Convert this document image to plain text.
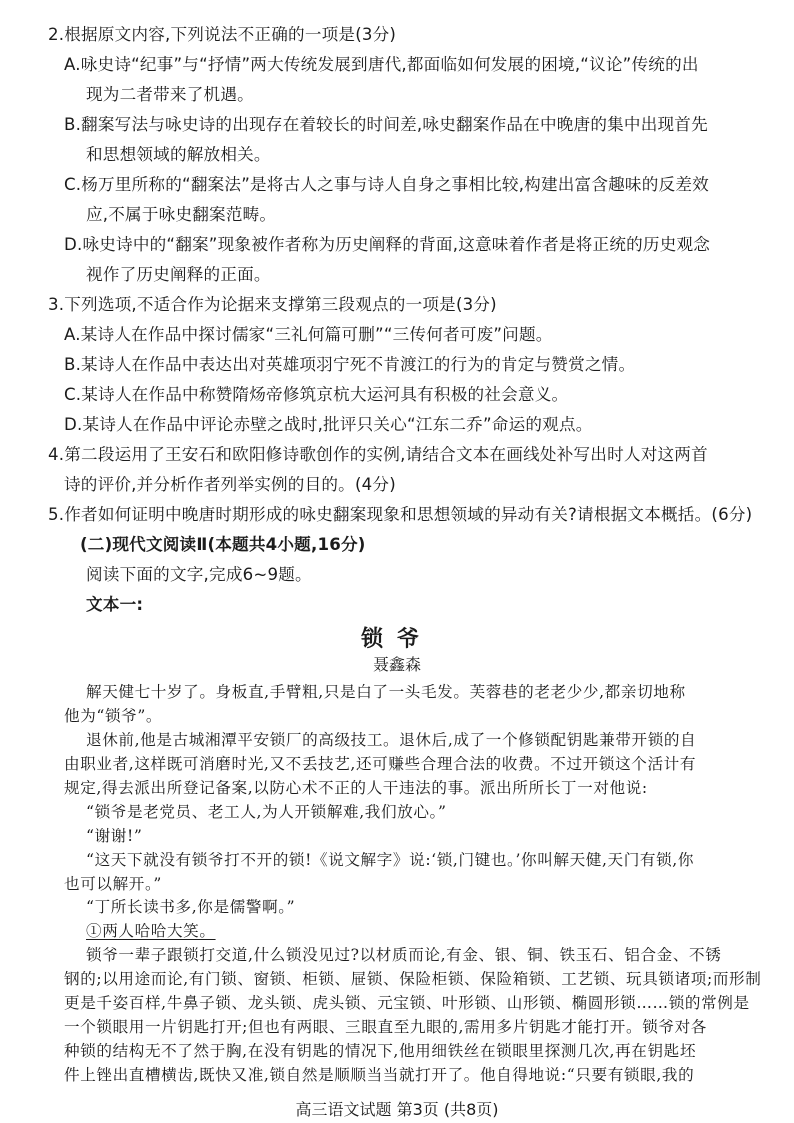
2.根据原文内容,下列说法不正确的一项是(3分)
A.咏史诗“纪事”与“抒情”两大传统发展到唐代,都面临如何发展的困境,“议论”传统的出
现为二者带来了机遇。
B.翻案写法与咏史诗的出现存在着较长的时间差,咏史翻案作品在中晚唐的集中出现首先
和思想领域的解放相关。
C.杨万里所称的“翻案法”是将古人之事与诗人自身之事相比较,构建出富含趣味的反差效
应,不属于咏史翻案范畴。
D.咏史诗中的“翻案”现象被作者称为历史阐释的背面,这意味着作者是将正统的历史观念
视作了历史阐释的正面。
3.下列选项,不适合作为论据来支撑第三段观点的一项是(3分)
A.某诗人在作品中探讨儒家“三礼何篇可删”“三传何者可废”问题。
B.某诗人在作品中表达出对英雄项羽宁死不肯渡江的行为的肯定与赞赏之情。
C.某诗人在作品中称赞隋炀帝修筑京杭大运河具有积极的社会意义。
D.某诗人在作品中评论赤壁之战时,批评只关心“江东二乔”命运的观点。
4.第二段运用了王安石和欧阳修诗歌创作的实例,请结合文本在画线处补写出时人对这两首
诗的评价,并分析作者列举实例的目的。(4分)
5.作者如何证明中晚唐时期形成的咏史翻案现象和思想领域的异动有关?请根据文本概括。(6分)
(二)现代文阅读Ⅱ(本题共4小题,16分)
阅读下面的文字,完成6~9题。
文本一:
锁爷
聂鑫森
高三语文试题 第3页 (共8页)
解天健七十岁了。身板直,手臂粗,只是白了一头毛发。芙蓉巷的老老少少,都亲切地称
他为“锁爷”。
退休前,他是古城湘潭平安锁厂的高级技工。退休后,成了一个修锁配钥匙兼带开锁的自
由职业者,这样既可消磨时光,又不丢技艺,还可赚些合理合法的收费。不过开锁这个活计有
规定,得去派出所登记备案,以防心术不正的人干违法的事。派出所所长丁一对他说:
“锁爷是老党员、老工人,为人开锁解难,我们放心。”
“谢谢!”
“这天下就没有锁爷打不开的锁!《说文解字》说:‘锁,门键也。’你叫解天健,天门有锁,你
也可以解开。”
“丁所长读书多,你是儒警啊。”
①两人哈哈大笑。
锁爷一辈子跟锁打交道,什么锁没见过?以材质而论,有金、银、铜、铁玉石、铝合金、不锈
钢的;以用途而论,有门锁、窗锁、柜锁、屉锁、保险柜锁、保险箱锁、工艺锁、玩具锁诸项;而形制
更是千姿百样,牛鼻子锁、龙头锁、虎头锁、元宝锁、叶形锁、山形锁、椭圆形锁……锁的常例是
一个锁眼用一片钥匙打开;但也有两眼、三眼直至九眼的,需用多片钥匙才能打开。锁爷对各
种锁的结构无不了然于胸,在没有钥匙的情况下,他用细铁丝在锁眼里探测几次,再在钥匙坯
件上锉出直槽横齿,既快又准,锁自然是顺顺当当就打开了。他自得地说:“只要有锁眼,我的
